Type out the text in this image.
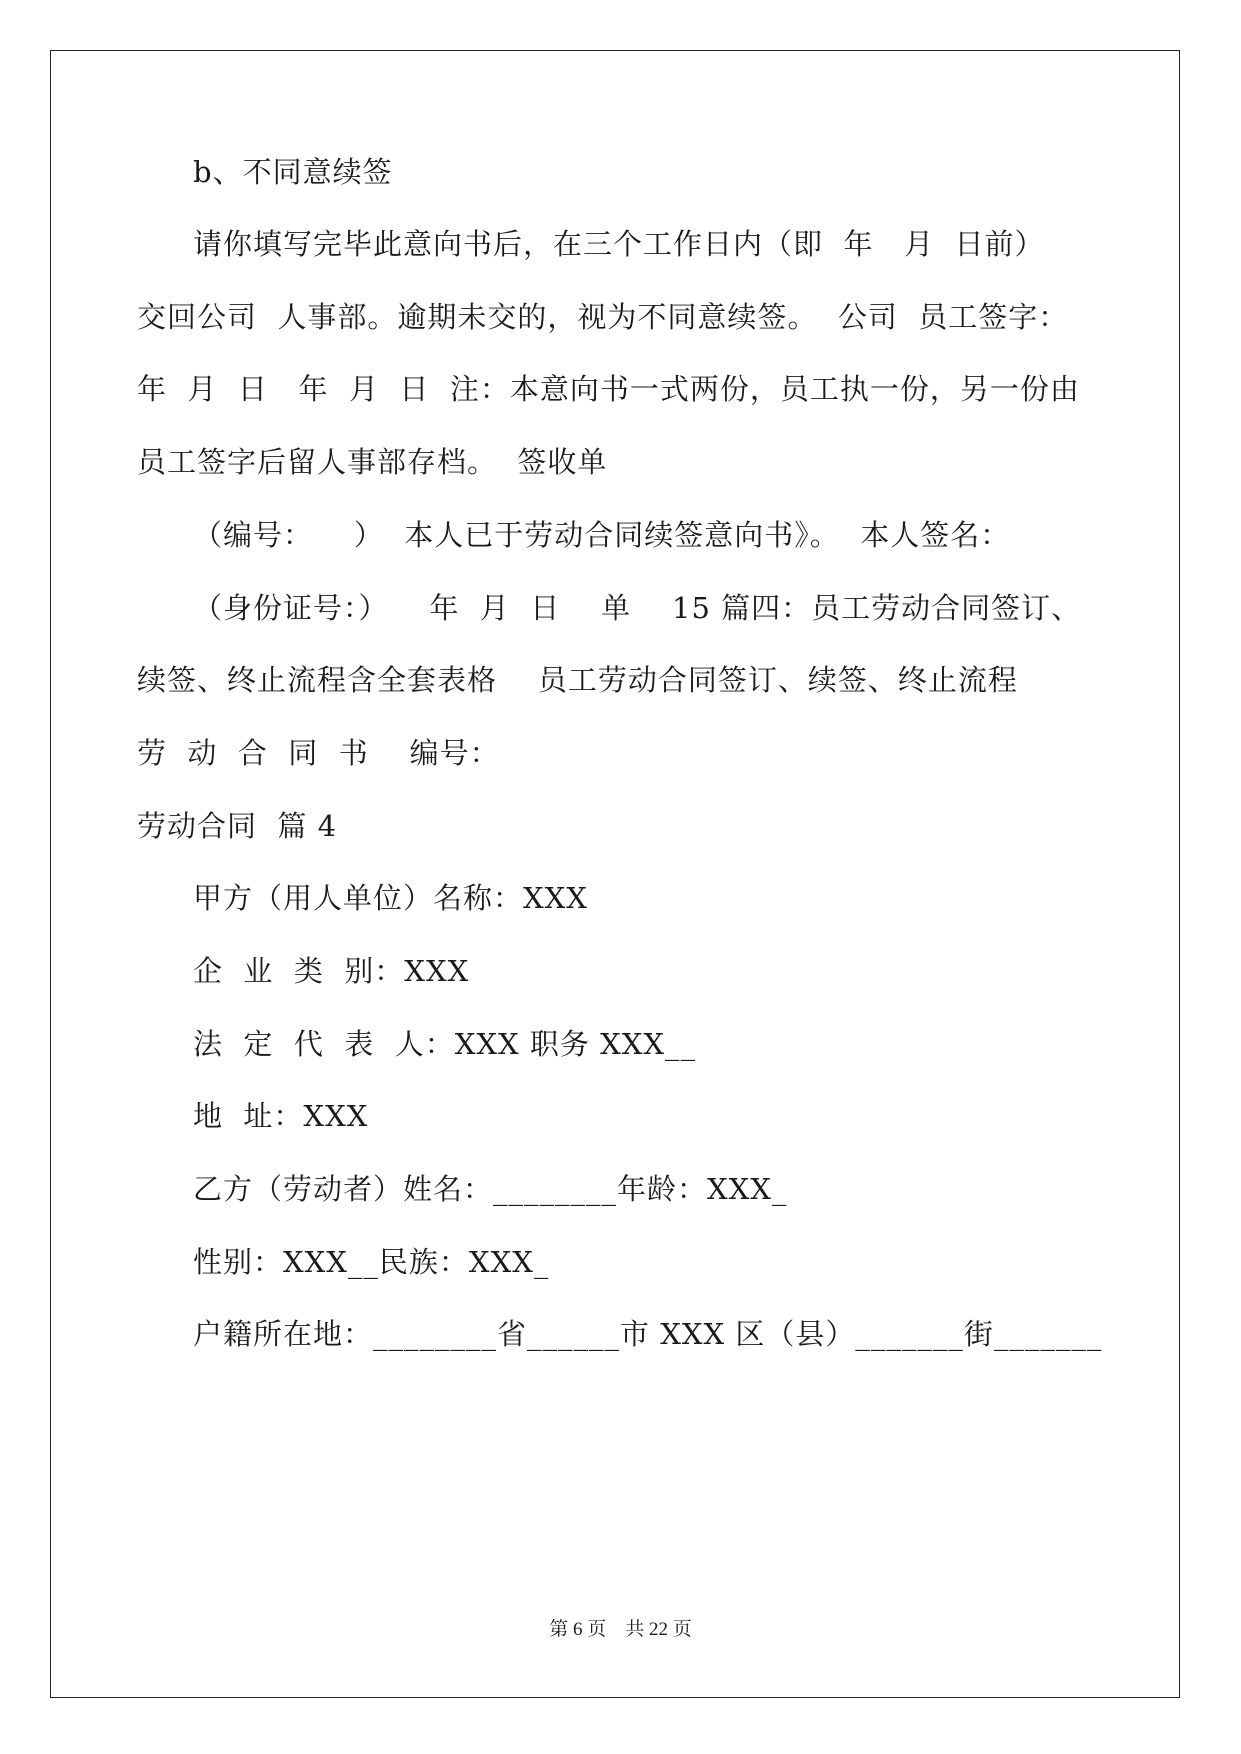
b、不同意续签
请你填写完毕此意向书后，在三个工作日内（即  年   月  日前）
交回公司  人事部。逾期未交的，视为不同意续签。  公司  员工签字：
年  月  日   年  月  日  注：本意向书一式两份，员工执一份，另一份由
员工签字后留人事部存档。  签收单
（编号：    ）  本人已于劳动合同续签意向书》。  本人签名：
（身份证号：）    年  月  日    单    15 篇四：员工劳动合同签订、
续签、终止流程含全套表格    员工劳动合同签订、续签、终止流程
劳  动  合  同  书    编号：
劳动合同  篇 4
甲方（用人单位）名称：XXX
企  业  类  别：XXX
法  定  代  表  人：XXX 职务 XXX__
地  址：XXX
乙方（劳动者）姓名：________年龄：XXX_
性别：XXX__民族：XXX_
户籍所在地：________省______市 XXX 区（县）_______街_______
第 6 页 共 22 页
